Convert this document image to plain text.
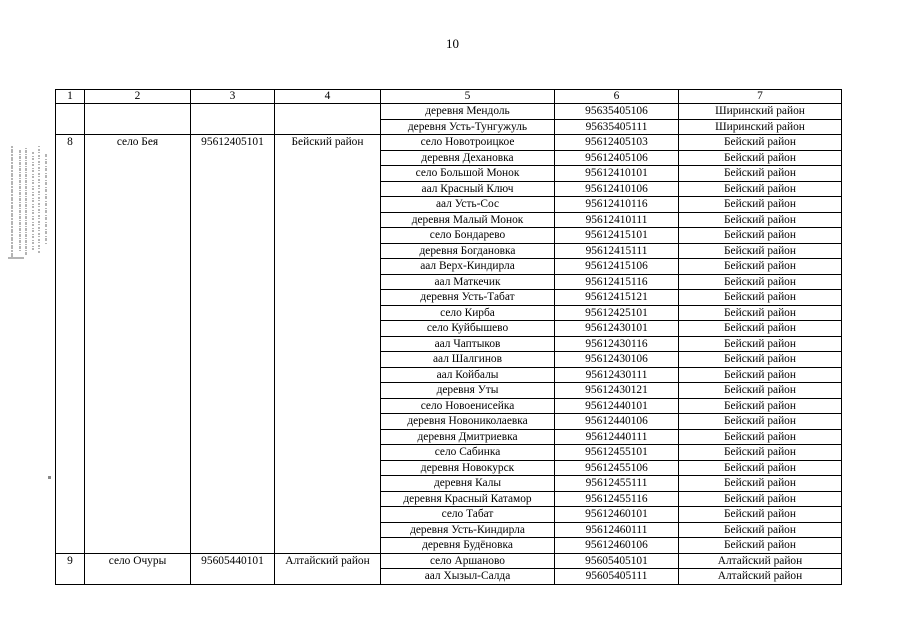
10
1	2	3	4	5	6	7
				деревня Мендоль	95635405106	Ширинский район
				деревня Усть-Тунгужуль	95635405111	Ширинский район
8	село Бея	95612405101	Бейский район	село Новотроицкое	95612405103	Бейский район
				деревня Дехановка	95612405106	Бейский район
				село Большой Монок	95612410101	Бейский район
				аал Красный Ключ	95612410106	Бейский район
				аал Усть-Сос	95612410116	Бейский район
				деревня Малый Монок	95612410111	Бейский район
				село Бондарево	95612415101	Бейский район
				деревня Богдановка	95612415111	Бейский район
				аал Верх-Киндирла	95612415106	Бейский район
				аал Маткечик	95612415116	Бейский район
				деревня Усть-Табат	95612415121	Бейский район
				село Кирба	95612425101	Бейский район
				село Куйбышево	95612430101	Бейский район
				аал Чаптыков	95612430116	Бейский район
				аал Шалгинов	95612430106	Бейский район
				аал Койбалы	95612430111	Бейский район
				деревня Уты	95612430121	Бейский район
				село Новоенисейка	95612440101	Бейский район
				деревня Новониколаевка	95612440106	Бейский район
				деревня Дмитриевка	95612440111	Бейский район
				село Сабинка	95612455101	Бейский район
				деревня Новокурск	95612455106	Бейский район
				деревня Калы	95612455111	Бейский район
				деревня Красный Катамор	95612455116	Бейский район
				село Табат	95612460101	Бейский район
				деревня Усть-Киндирла	95612460111	Бейский район
				деревня Будёновка	95612460106	Бейский район
9	село Очуры	95605440101	Алтайский район	село Аршаново	95605405101	Алтайский район
				аал Хызыл-Салда	95605405111	Алтайский район
